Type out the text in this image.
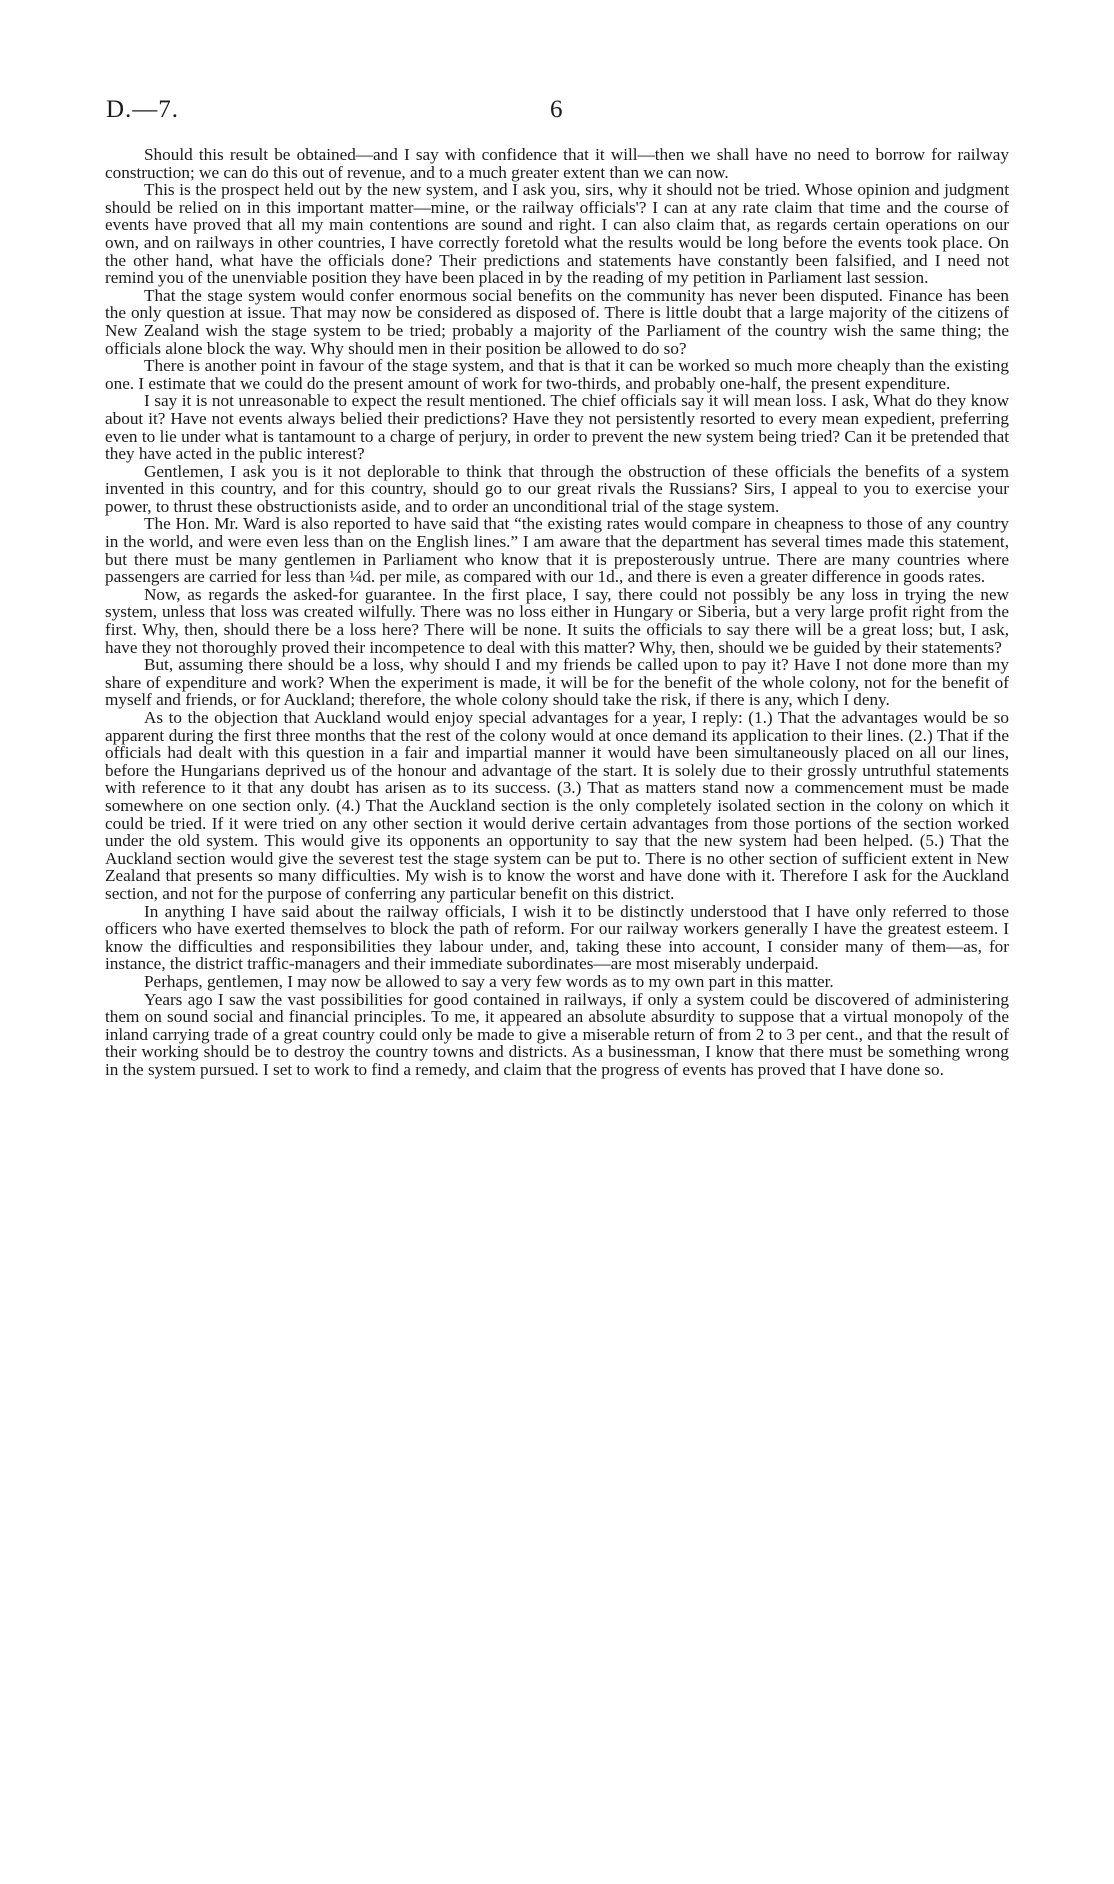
D.—7.	6

Should this result be obtained—and I say with confidence that it will—then we shall have no need to borrow for railway construction; we can do this out of revenue, and to a much greater extent than we can now.

This is the prospect held out by the new system, and I ask you, sirs, why it should not be tried. Whose opinion and judgment should be relied on in this important matter—mine, or the railway officials'? I can at any rate claim that time and the course of events have proved that all my main contentions are sound and right. I can also claim that, as regards certain operations on our own, and on railways in other countries, I have correctly foretold what the results would be long before the events took place. On the other hand, what have the officials done? Their predictions and statements have constantly been falsified, and I need not remind you of the unenviable position they have been placed in by the reading of my petition in Parliament last session.

That the stage system would confer enormous social benefits on the community has never been disputed. Finance has been the only question at issue. That may now be considered as disposed of. There is little doubt that a large majority of the citizens of New Zealand wish the stage system to be tried; probably a majority of the Parliament of the country wish the same thing; the officials alone block the way. Why should men in their position be allowed to do so?

There is another point in favour of the stage system, and that is that it can be worked so much more cheaply than the existing one. I estimate that we could do the present amount of work for two-thirds, and probably one-half, the present expenditure.

I say it is not unreasonable to expect the result mentioned. The chief officials say it will mean loss. I ask, What do they know about it? Have not events always belied their predictions? Have they not persistently resorted to every mean expedient, preferring even to lie under what is tantamount to a charge of perjury, in order to prevent the new system being tried? Can it be pretended that they have acted in the public interest?

Gentlemen, I ask you is it not deplorable to think that through the obstruction of these officials the benefits of a system invented in this country, and for this country, should go to our great rivals the Russians? Sirs, I appeal to you to exercise your power, to thrust these obstructionists aside, and to order an unconditional trial of the stage system.

The Hon. Mr. Ward is also reported to have said that “the existing rates would compare in cheapness to those of any country in the world, and were even less than on the English lines.” I am aware that the department has several times made this statement, but there must be many gentlemen in Parliament who know that it is preposterously untrue. There are many countries where passengers are carried for less than ¼d. per mile, as compared with our 1d., and there is even a greater difference in goods rates.

Now, as regards the asked-for guarantee. In the first place, I say, there could not possibly be any loss in trying the new system, unless that loss was created wilfully. There was no loss either in Hungary or Siberia, but a very large profit right from the first. Why, then, should there be a loss here? There will be none. It suits the officials to say there will be a great loss; but, I ask, have they not thoroughly proved their incompetence to deal with this matter? Why, then, should we be guided by their statements?

But, assuming there should be a loss, why should I and my friends be called upon to pay it? Have I not done more than my share of expenditure and work? When the experiment is made, it will be for the benefit of the whole colony, not for the benefit of myself and friends, or for Auckland; therefore, the whole colony should take the risk, if there is any, which I deny.

As to the objection that Auckland would enjoy special advantages for a year, I reply: (1.) That the advantages would be so apparent during the first three months that the rest of the colony would at once demand its application to their lines. (2.) That if the officials had dealt with this question in a fair and impartial manner it would have been simultaneously placed on all our lines, before the Hungarians deprived us of the honour and advantage of the start. It is solely due to their grossly untruthful statements with reference to it that any doubt has arisen as to its success. (3.) That as matters stand now a commencement must be made somewhere on one section only. (4.) That the Auckland section is the only completely isolated section in the colony on which it could be tried. If it were tried on any other section it would derive certain advantages from those portions of the section worked under the old system. This would give its opponents an opportunity to say that the new system had been helped. (5.) That the Auckland section would give the severest test the stage system can be put to. There is no other section of sufficient extent in New Zealand that presents so many difficulties. My wish is to know the worst and have done with it. Therefore I ask for the Auckland section, and not for the purpose of conferring any particular benefit on this district.

In anything I have said about the railway officials, I wish it to be distinctly understood that I have only referred to those officers who have exerted themselves to block the path of reform. For our railway workers generally I have the greatest esteem. I know the difficulties and responsibilities they labour under, and, taking these into account, I consider many of them—as, for instance, the district traffic-managers and their immediate subordinates—are most miserably underpaid.

Perhaps, gentlemen, I may now be allowed to say a very few words as to my own part in this matter.

Years ago I saw the vast possibilities for good contained in railways, if only a system could be discovered of administering them on sound social and financial principles. To me, it appeared an absolute absurdity to suppose that a virtual monopoly of the inland carrying trade of a great country could only be made to give a miserable return of from 2 to 3 per cent., and that the result of their working should be to destroy the country towns and districts. As a businessman, I know that there must be something wrong in the system pursued. I set to work to find a remedy, and claim that the progress of events has proved that I have done so.
